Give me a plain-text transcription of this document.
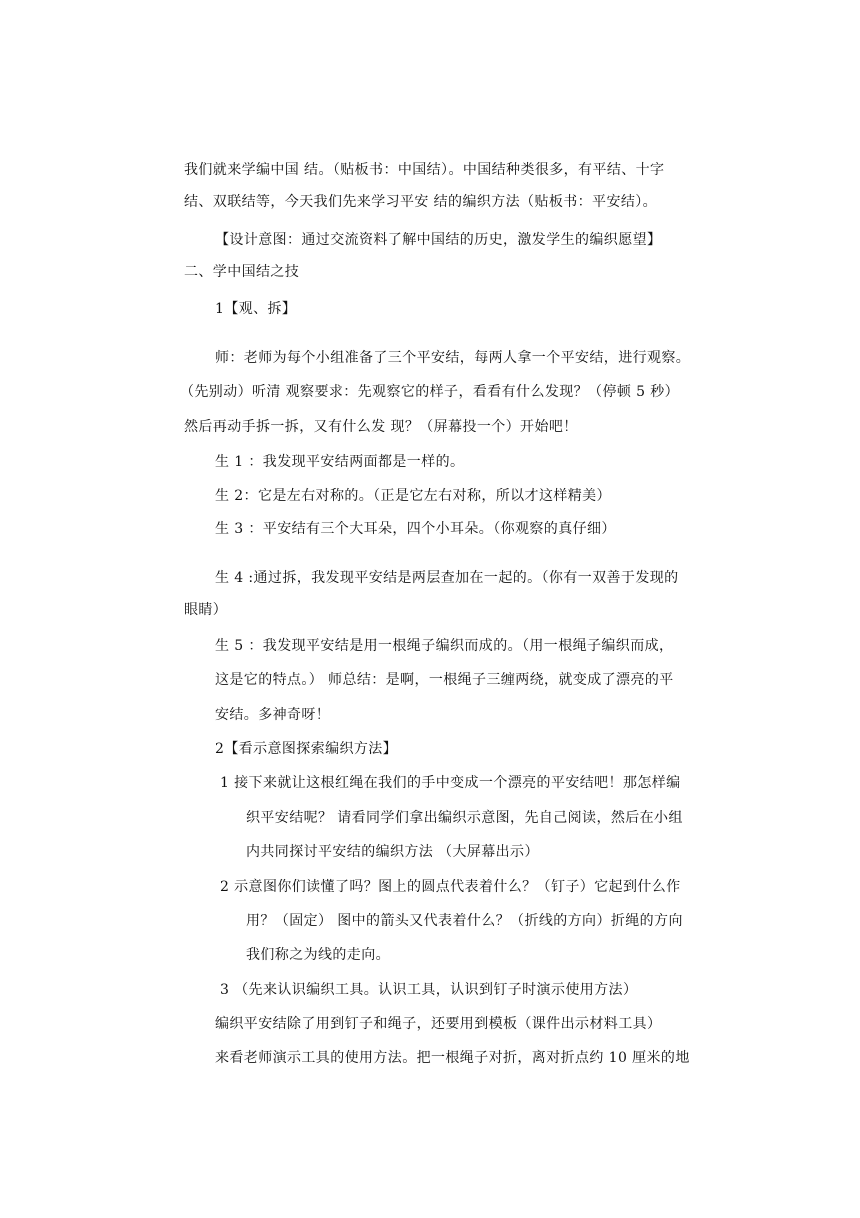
我们就来学编中国 结。（贴板书：中国结）。中国结种类很多，有平结、十字
结、双联结等，今天我们先来学习平安 结的编织方法（贴板书：平安结）。
【设计意图：通过交流资料了解中国结的历史，激发学生的编织愿望】
二、学中国结之技
1【观、拆】
师：老师为每个小组准备了三个平安结，每两人拿一个平安结，进行观察。
（先别动）听清 观察要求：先观察它的样子，看看有什么发现？（停顿 5 秒）
然后再动手拆一拆，又有什么发 现？（屏幕投一个）开始吧！
生 1 ：我发现平安结两面都是一样的。
生 2：它是左右对称的。（正是它左右对称，所以才这样精美）
生 3 ：平安结有三个大耳朵，四个小耳朵。（你观察的真仔细）
生 4 :通过拆，我发现平安结是两层查加在一起的。（你有一双善于发现的
眼睛）
生 5 ：我发现平安结是用一根绳子编织而成的。（用一根绳子编织而成，
这是它的特点。） 师总结：是啊，一根绳子三缠两绕，就变成了漂亮的平
安结。多神奇呀！
2【看示意图探索编织方法】
1 接下来就让这根红绳在我们的手中变成一个漂亮的平安结吧！那怎样编
织平安结呢？ 请看同学们拿出编织示意图，先自己阅读，然后在小组
内共同探讨平安结的编织方法 （大屏幕出示）
2 示意图你们读懂了吗？图上的圆点代表着什么？（钉子）它起到什么作
用？（固定） 图中的箭头又代表着什么？（折线的方向）折绳的方向
我们称之为线的走向。
3 （先来认识编织工具。认识工具，认识到钉子时演示使用方法）
编织平安结除了用到钉子和绳子，还要用到模板（课件出示材料工具）
来看老师演示工具的使用方法。把一根绳子对折，离对折点约 10 厘米的地
